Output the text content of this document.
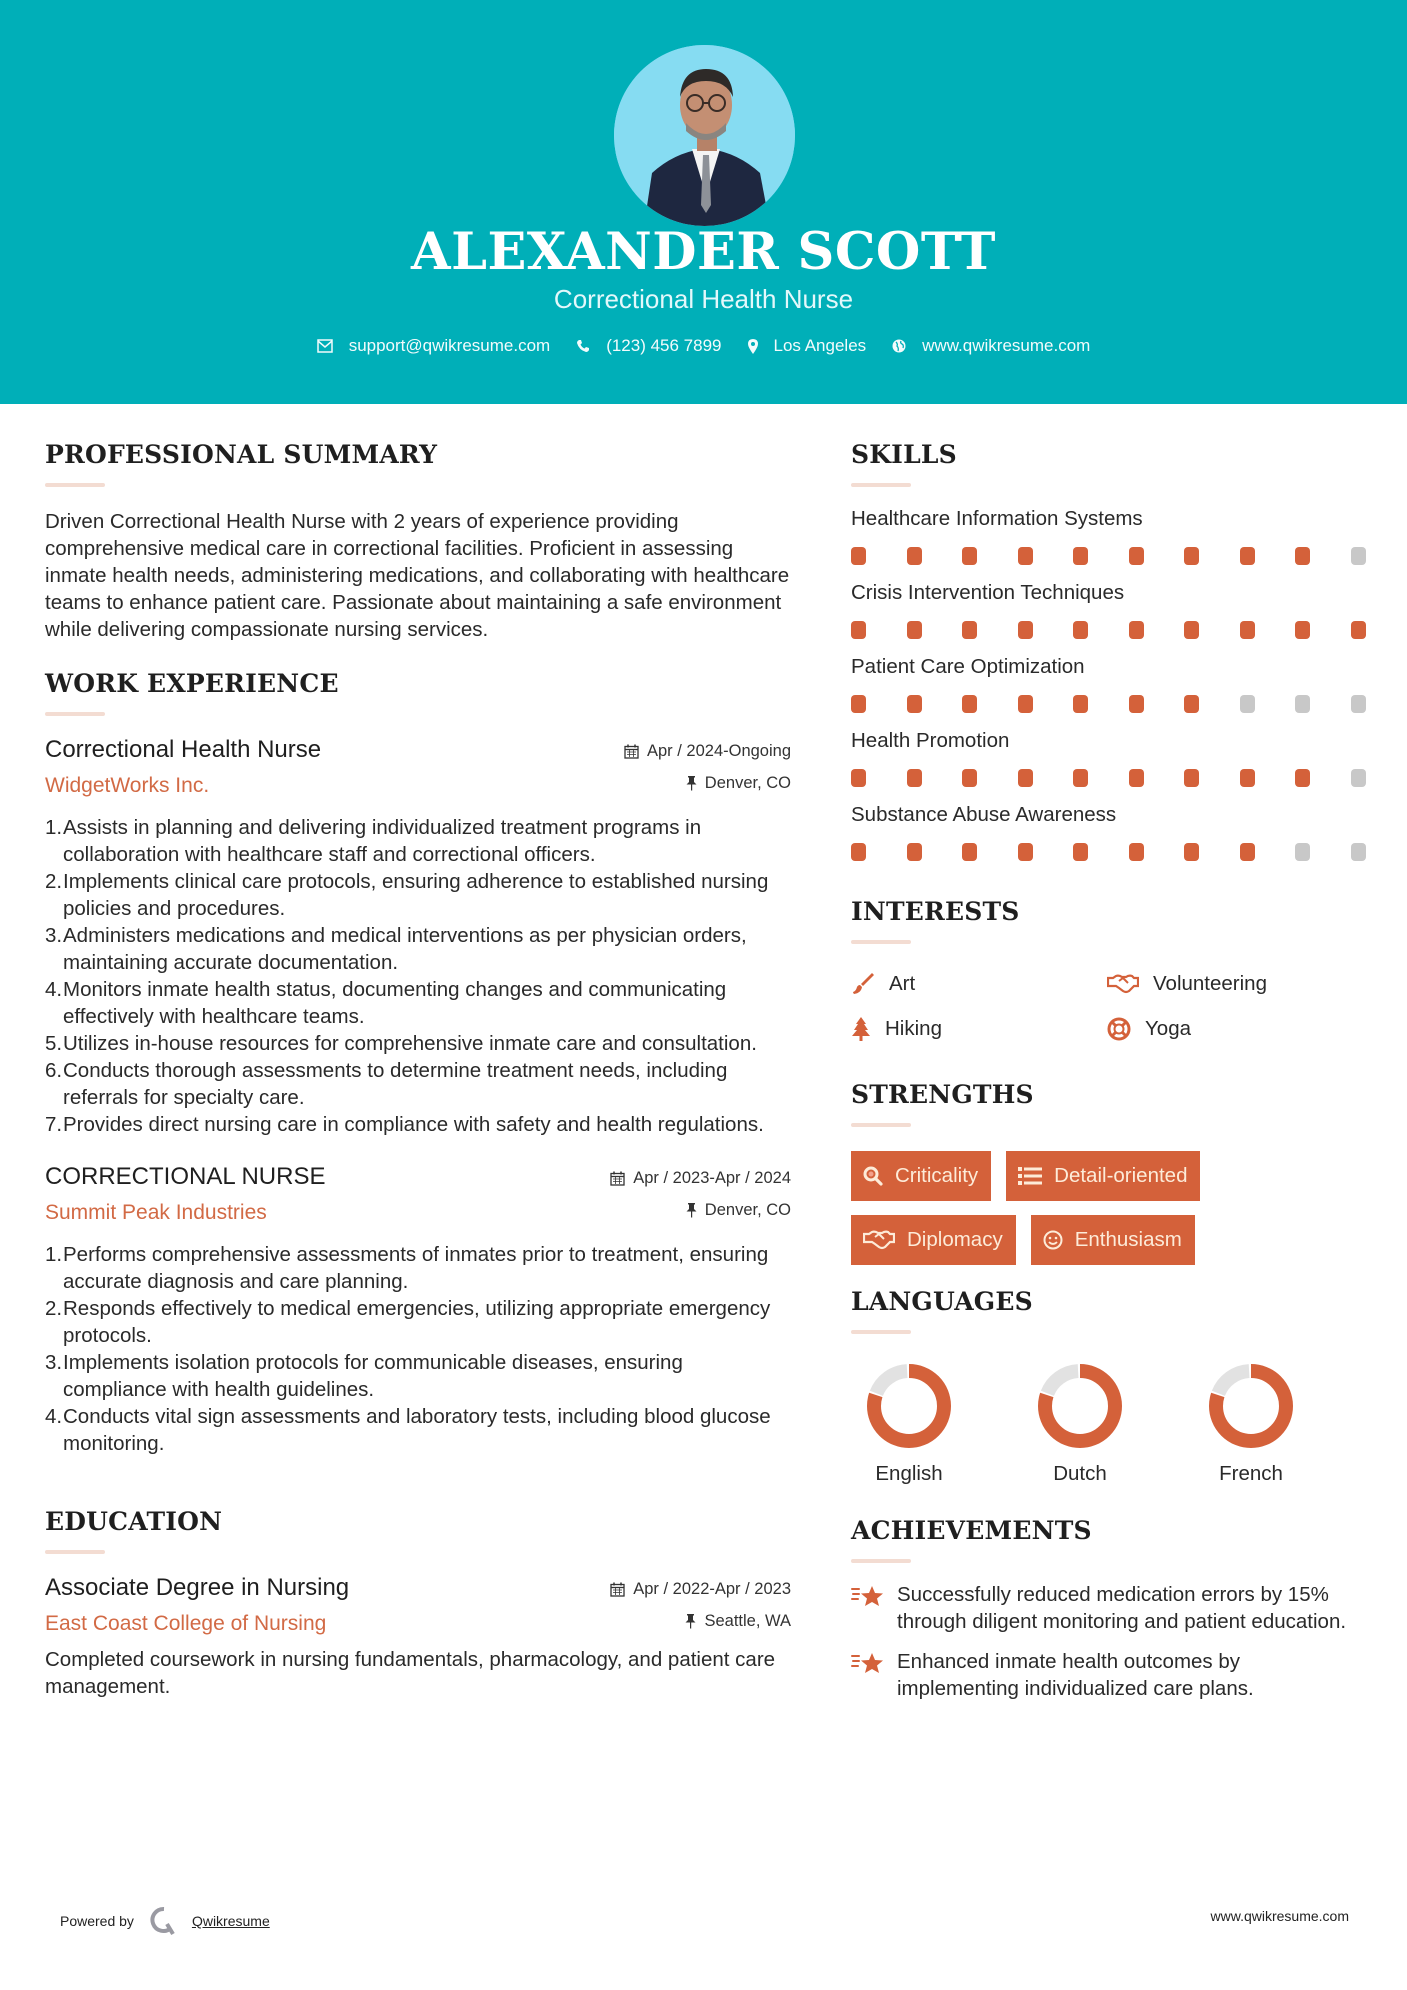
ALEXANDER SCOTT
Correctional Health Nurse
support@qwikresume.com	(123) 456 7899	Los Angeles	www.qwikresume.com
PROFESSIONAL SUMMARY

Driven Correctional Health Nurse with 2 years of experience providing comprehensive medical care in correctional facilities. Proficient in assessing inmate health needs, administering medications, and collaborating with healthcare teams to enhance patient care. Passionate about maintaining a safe environment while delivering compassionate nursing services.

WORK EXPERIENCE
Correctional Health Nurse
WidgetWorks Inc.
Apr / 2024-Ongoing
Denver, CO
1. Assists in planning and delivering individualized treatment programs in collaboration with healthcare staff and correctional officers.
2. Implements clinical care protocols, ensuring adherence to established nursing policies and procedures.
3. Administers medications and medical interventions as per physician orders, maintaining accurate documentation.
4. Monitors inmate health status, documenting changes and communicating effectively with healthcare teams.
5. Utilizes in-house resources for comprehensive inmate care and consultation.
6. Conducts thorough assessments to determine treatment needs, including referrals for specialty care.
7. Provides direct nursing care in compliance with safety and health regulations.
CORRECTIONAL NURSE
Summit Peak Industries
Apr / 2023-Apr / 2024
Denver, CO
1. Performs comprehensive assessments of inmates prior to treatment, ensuring accurate diagnosis and care planning.
2. Responds effectively to medical emergencies, utilizing appropriate emergency protocols.
3. Implements isolation protocols for communicable diseases, ensuring compliance with health guidelines.
4. Conducts vital sign assessments and laboratory tests, including blood glucose monitoring.
EDUCATION
Associate Degree in Nursing
East Coast College of Nursing
Apr / 2022-Apr / 2023
Seattle, WA

Completed coursework in nursing fundamentals, pharmacology, and patient care management.

SKILLS
Healthcare Information Systems
Crisis Intervention Techniques
Patient Care Optimization
Health Promotion
Substance Abuse Awareness
INTERESTS
Art	Volunteering
Hiking	Yoga
STRENGTHS
Criticality	Detail-oriented
Diplomacy	Enthusiasm
LANGUAGES
English	Dutch	French
ACHIEVEMENTS
Successfully reduced medication errors by 15% through diligent monitoring and patient education.
Enhanced inmate health outcomes by implementing individualized care plans.
Powered by	Qwikresume	www.qwikresume.com
